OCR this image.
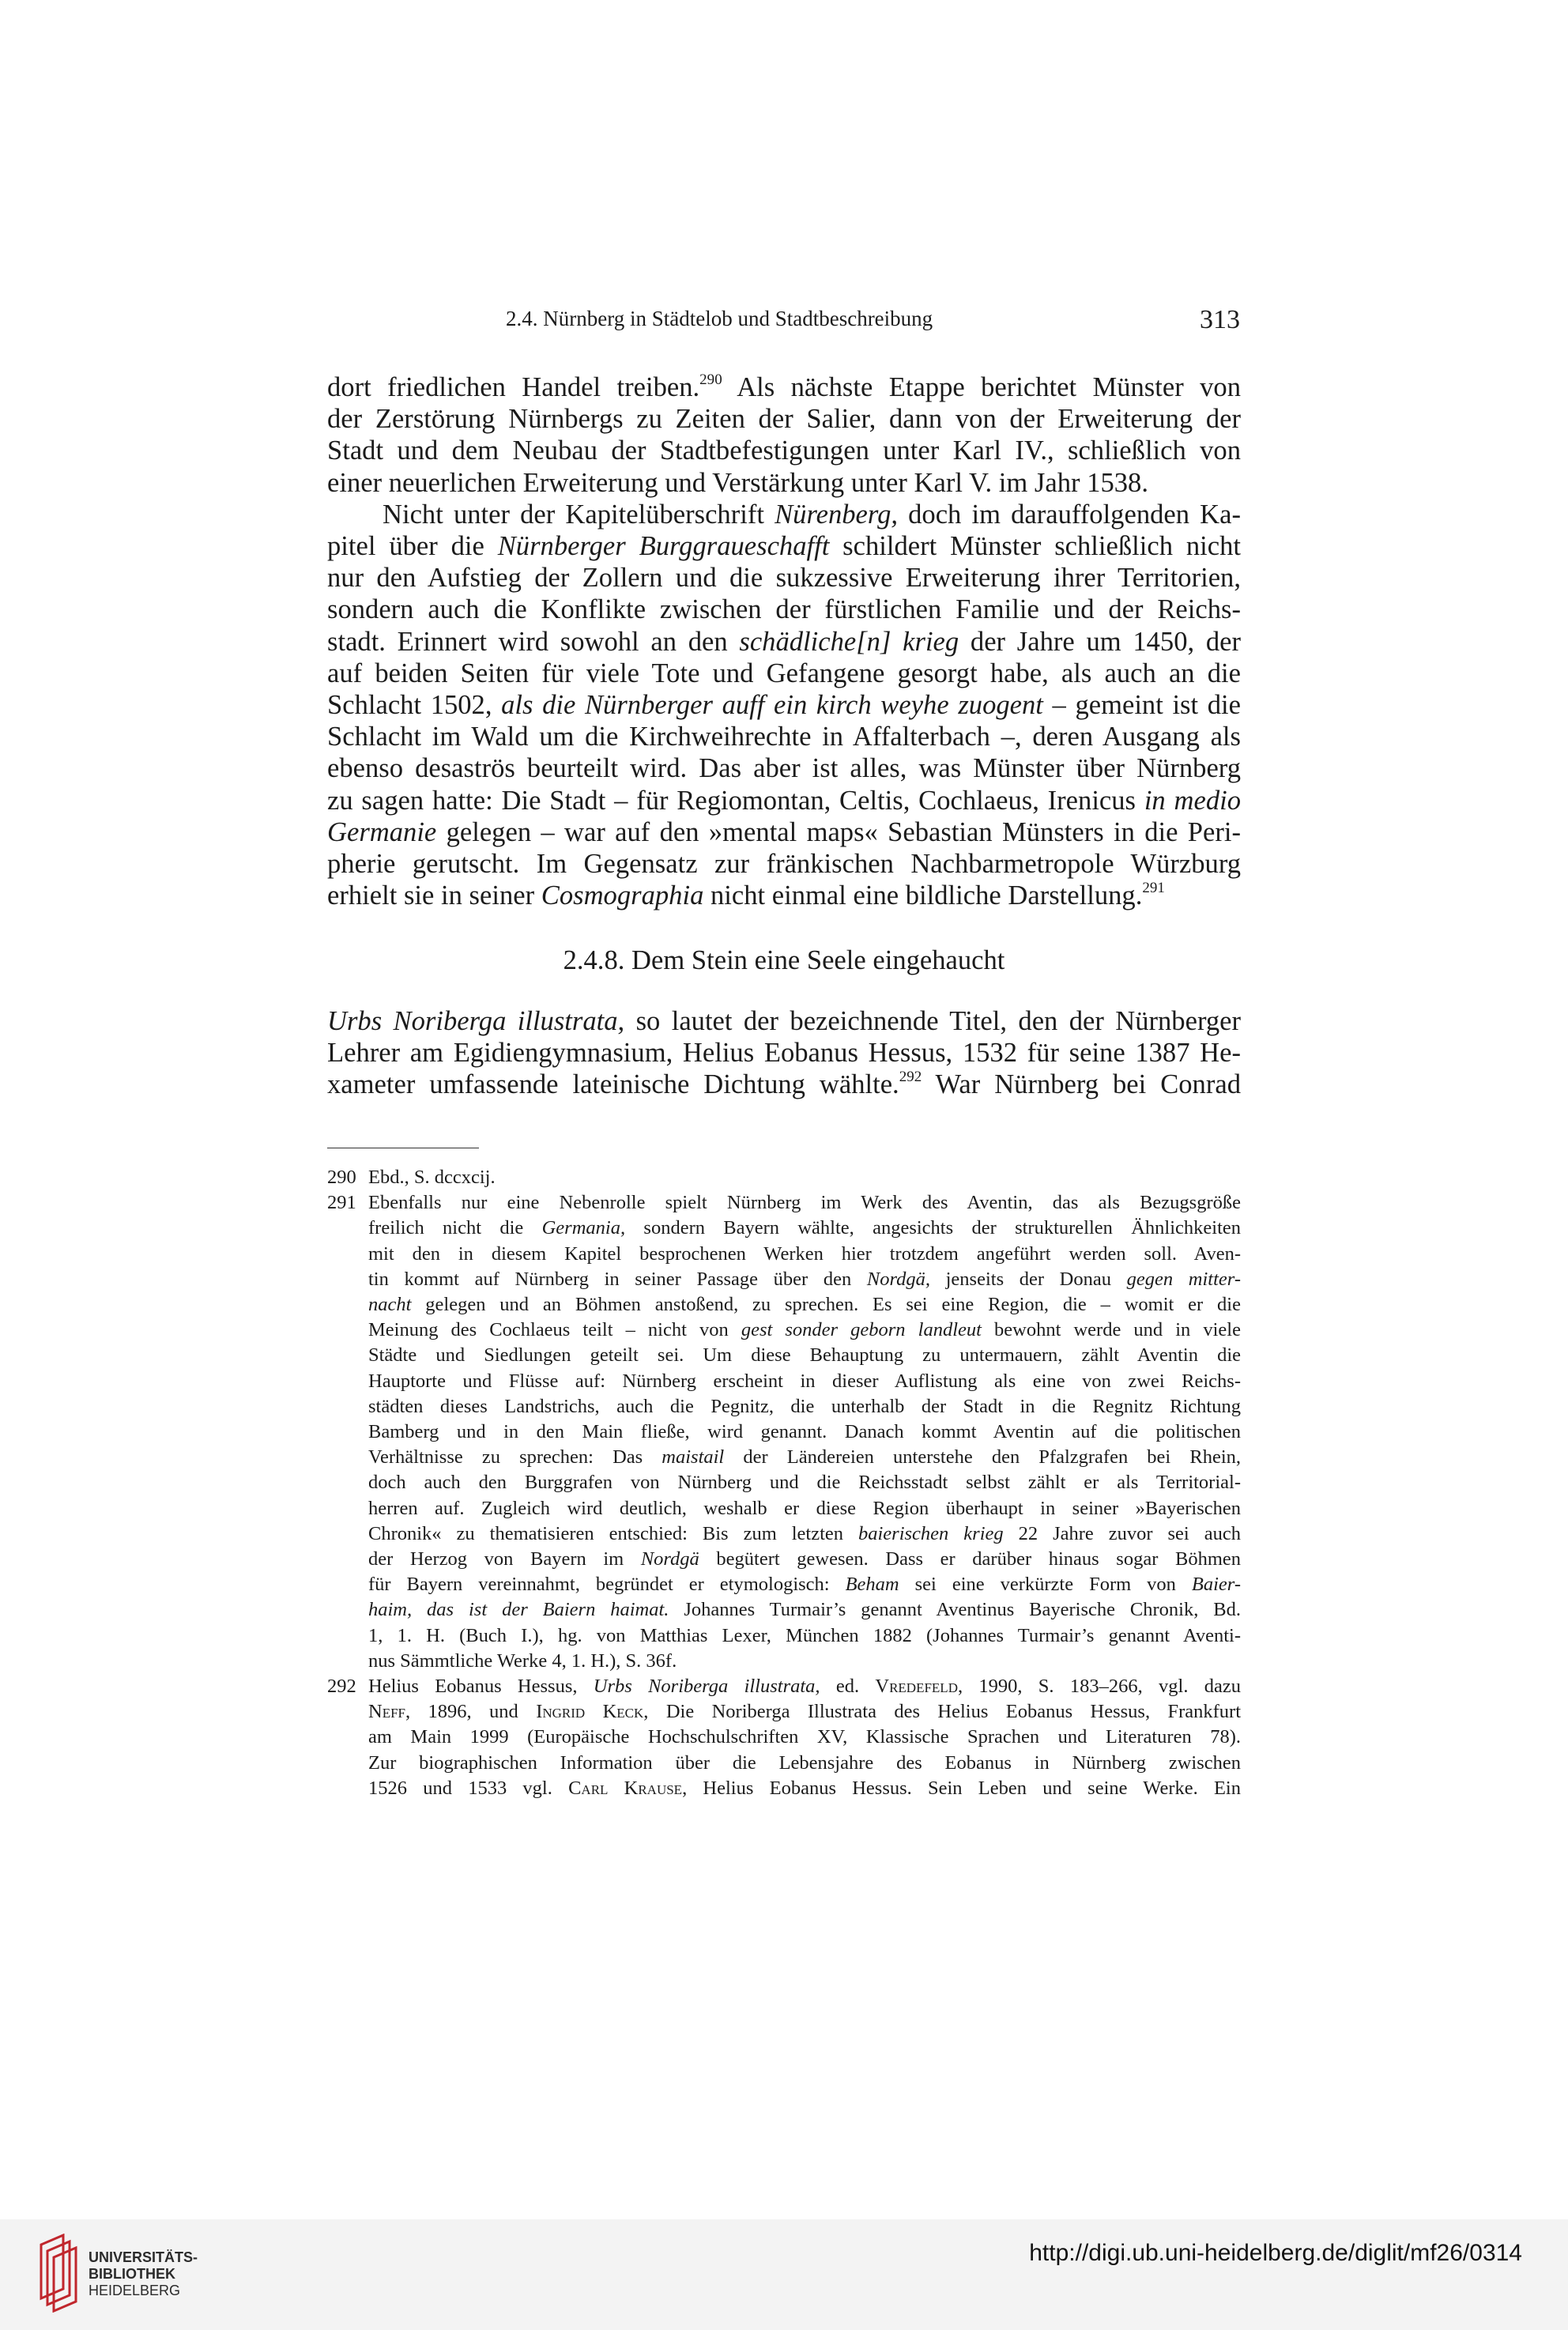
2.4. Nürnberg in Städtelob und Stadtbeschreibung	313
dort friedlichen Handel treiben.$^{290}$ Als nächste Etappe berichtet Münster von
der Zerstörung Nürnbergs zu Zeiten der Salier, dann von der Erweiterung der
Stadt und dem Neubau der Stadtbefestigungen unter Karl IV., schließlich von
einer neuerlichen Erweiterung und Verstärkung unter Karl V. im Jahr 1538.
Nicht unter der Kapitelüberschrift Nürenberg, doch im darauffolgenden Ka-
pitel über die Nürnberger Burggraueschafft schildert Münster schließlich nicht
nur den Aufstieg der Zollern und die sukzessive Erweiterung ihrer Territorien,
sondern auch die Konflikte zwischen der fürstlichen Familie und der Reichs-
stadt. Erinnert wird sowohl an den schädliche[n] krieg der Jahre um 1450, der
auf beiden Seiten für viele Tote und Gefangene gesorgt habe, als auch an die
Schlacht 1502, als die Nürnberger auff ein kirch weyhe zuogent – gemeint ist die
Schlacht im Wald um die Kirchweihrechte in Affalterbach –, deren Ausgang als
ebenso desaströs beurteilt wird. Das aber ist alles, was Münster über Nürnberg
zu sagen hatte: Die Stadt – für Regiomontan, Celtis, Cochlaeus, Irenicus in medio
Germanie gelegen – war auf den »mental maps« Sebastian Münsters in die Peri-
pherie gerutscht. Im Gegensatz zur fränkischen Nachbarmetropole Würzburg
erhielt sie in seiner Cosmographia nicht einmal eine bildliche Darstellung.$^{291}$
2.4.8. Dem Stein eine Seele eingehaucht
Urbs Noriberga illustrata, so lautet der bezeichnende Titel, den der Nürnberger
Lehrer am Egidiengymnasium, Helius Eobanus Hessus, 1532 für seine 1387 He-
xameter umfassende lateinische Dichtung wählte.$^{292}$ War Nürnberg bei Conrad
290 Ebd., S. dccxcij.
291 Ebenfalls nur eine Nebenrolle spielt Nürnberg im Werk des Aventin, das als Bezugsgröße
freilich nicht die Germania, sondern Bayern wählte, angesichts der strukturellen Ähnlichkeiten
mit den in diesem Kapitel besprochenen Werken hier trotzdem angeführt werden soll. Aven-
tin kommt auf Nürnberg in seiner Passage über den Nordgä, jenseits der Donau gegen mitter-
nacht gelegen und an Böhmen anstoßend, zu sprechen. Es sei eine Region, die – womit er die
Meinung des Cochlaeus teilt – nicht von gest sonder geborn landleut bewohnt werde und in viele
Städte und Siedlungen geteilt sei. Um diese Behauptung zu untermauern, zählt Aventin die
Hauptorte und Flüsse auf: Nürnberg erscheint in dieser Auflistung als eine von zwei Reichs-
städten dieses Landstrichs, auch die Pegnitz, die unterhalb der Stadt in die Regnitz Richtung
Bamberg und in den Main fließe, wird genannt. Danach kommt Aventin auf die politischen
Verhältnisse zu sprechen: Das maistail der Ländereien unterstehe den Pfalzgrafen bei Rhein,
doch auch den Burggrafen von Nürnberg und die Reichsstadt selbst zählt er als Territorial-
herren auf. Zugleich wird deutlich, weshalb er diese Region überhaupt in seiner »Bayerischen
Chronik« zu thematisieren entschied: Bis zum letzten baierischen krieg 22 Jahre zuvor sei auch
der Herzog von Bayern im Nordgä begütert gewesen. Dass er darüber hinaus sogar Böhmen
für Bayern vereinnahmt, begründet er etymologisch: Beham sei eine verkürzte Form von Baier-
haim, das ist der Baiern haimat. Johannes Turmair’s genannt Aventinus Bayerische Chronik, Bd.
1, 1. H. (Buch I.), hg. von Matthias Lexer, München 1882 (Johannes Turmair’s genannt Aventi-
nus Sämmtliche Werke 4, 1. H.), S. 36f.
292 Helius Eobanus Hessus, Urbs Noriberga illustrata, ed. Vredefeld, 1990, S. 183–266, vgl. dazu
Neff, 1896, und Ingrid Keck, Die Noriberga Illustrata des Helius Eobanus Hessus, Frankfurt
am Main 1999 (Europäische Hochschulschriften XV, Klassische Sprachen und Literaturen 78).
Zur biographischen Information über die Lebensjahre des Eobanus in Nürnberg zwischen
1526 und 1533 vgl. Carl Krause, Helius Eobanus Hessus. Sein Leben und seine Werke. Ein
UNIVERSITÄTS-
BIBLIOTHEK
HEIDELBERG
http://digi.ub.uni-heidelberg.de/diglit/mf26/0314
